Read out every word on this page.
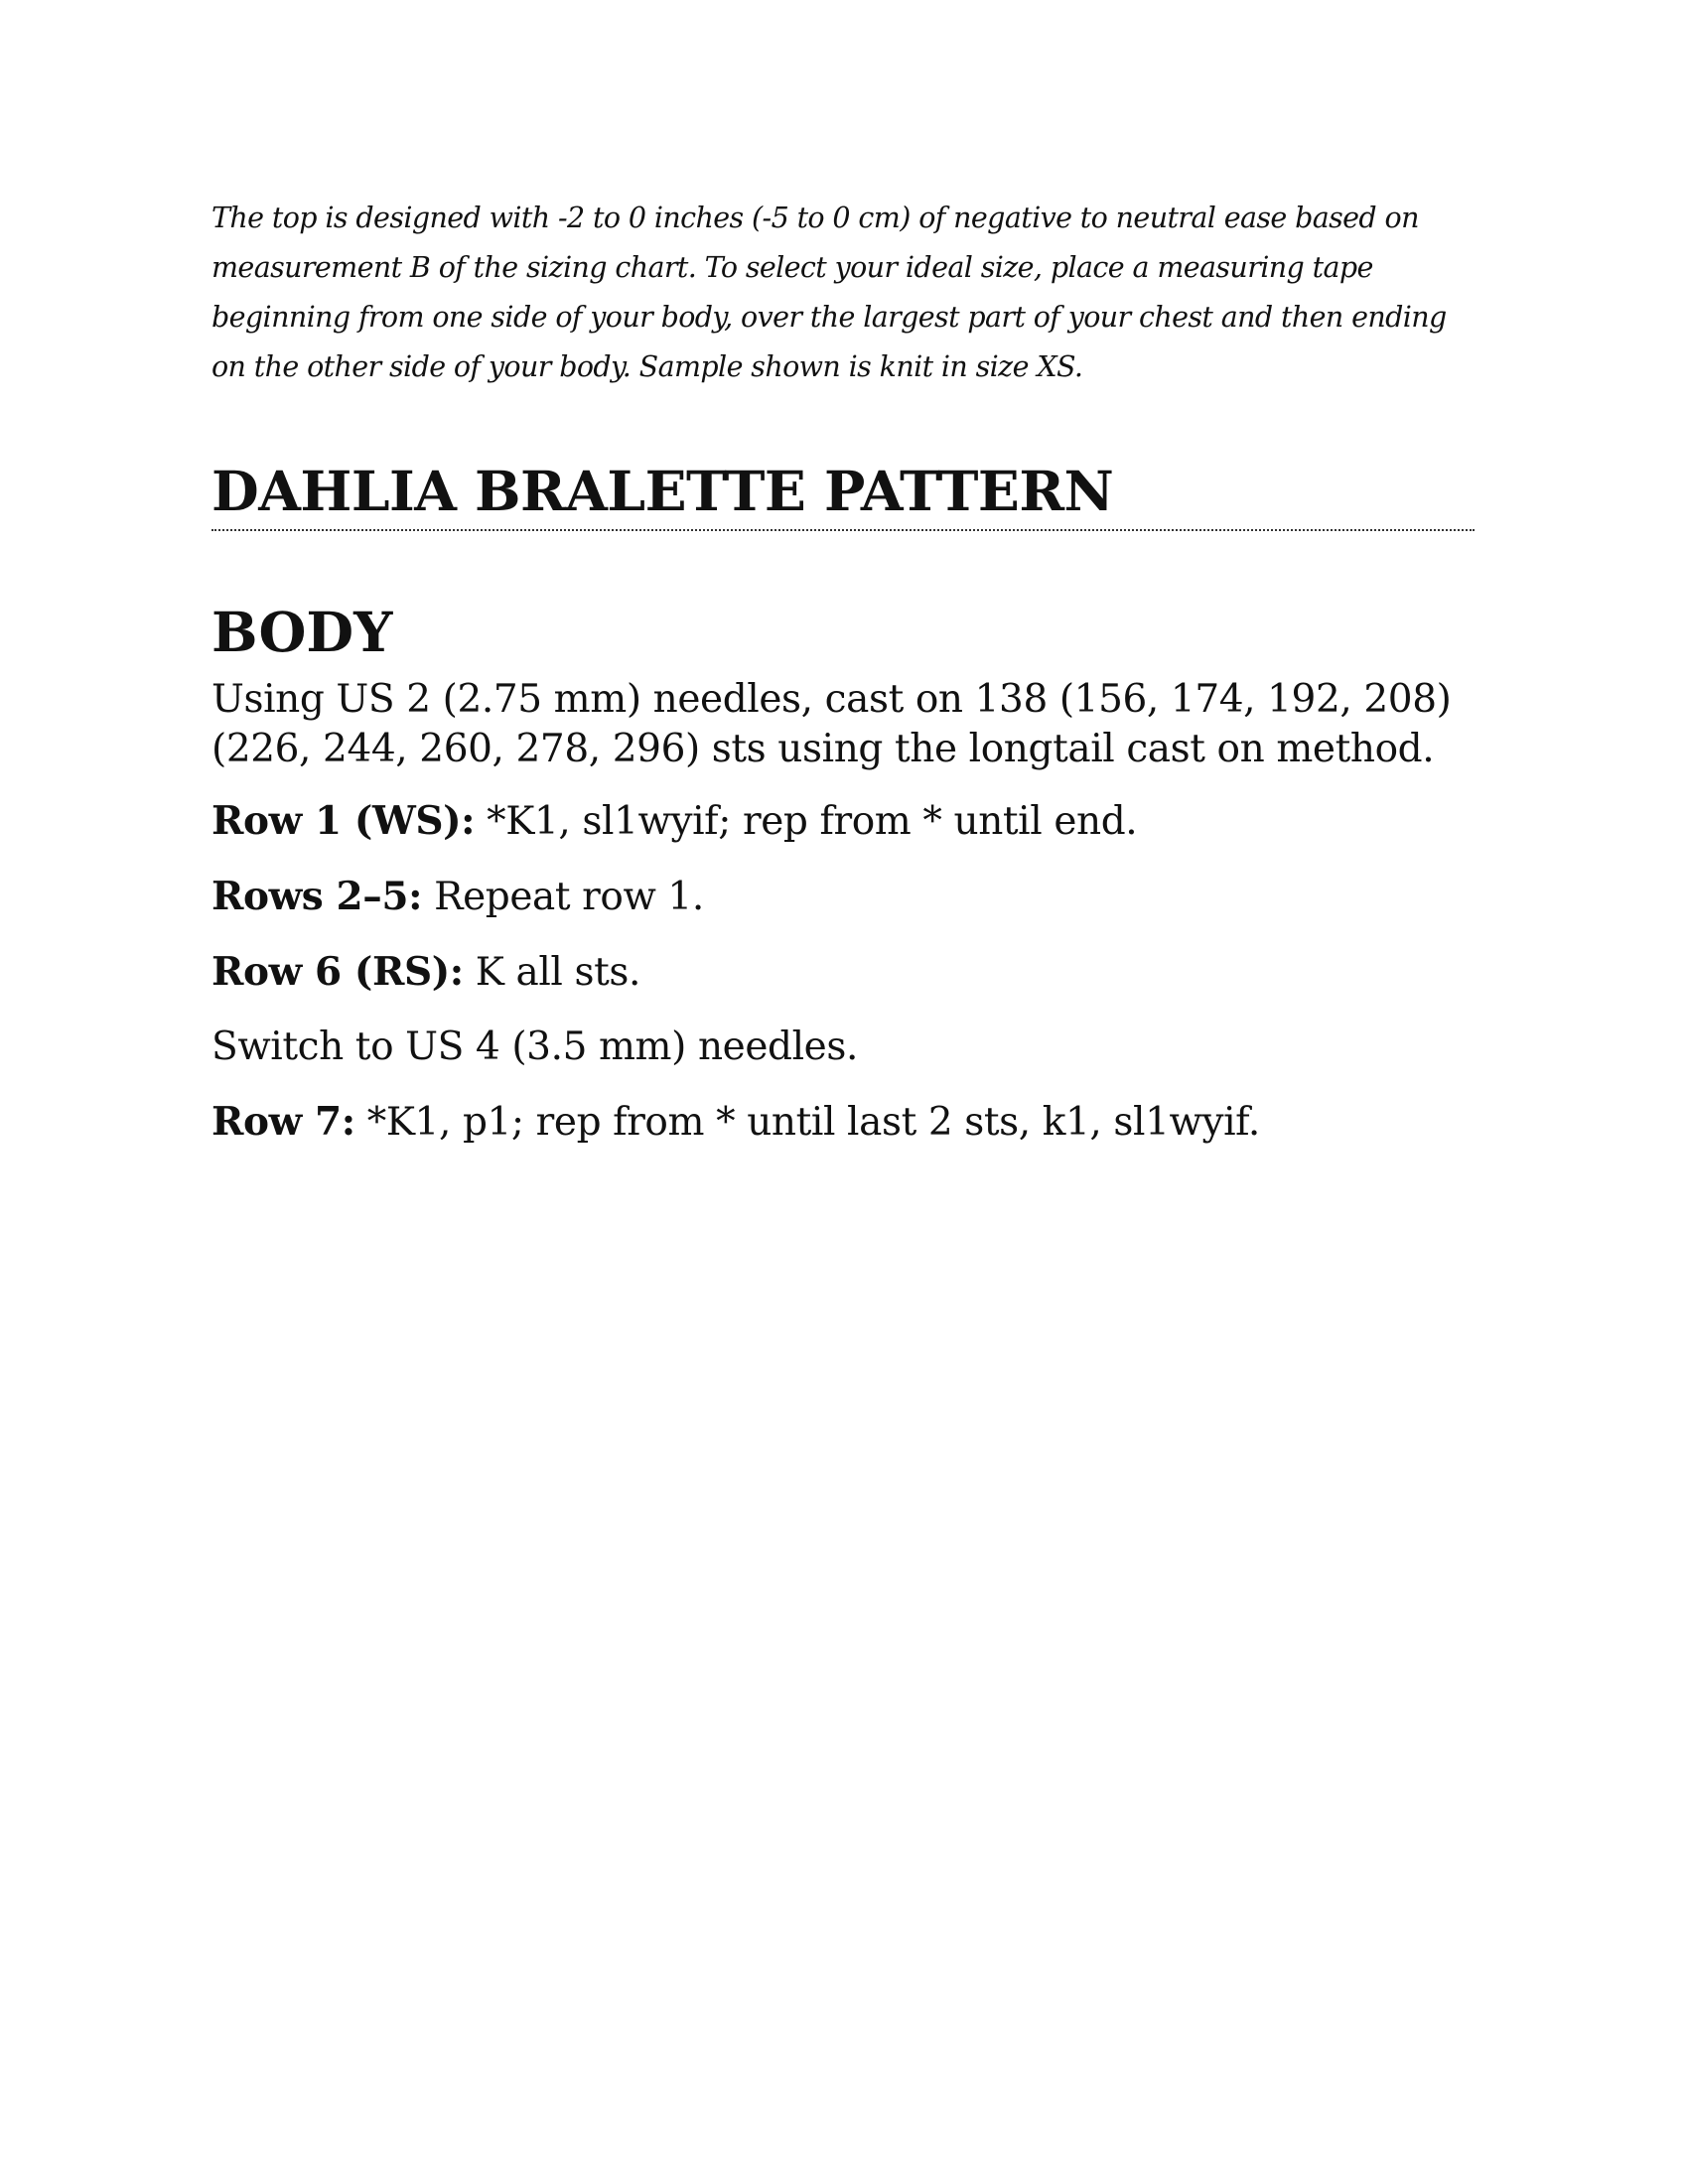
The top is designed with -2 to 0 inches (-5 to 0 cm) of negative to neutral ease based on measurement B of the sizing chart. To select your ideal size, place a measuring tape beginning from one side of your body, over the largest part of your chest and then ending on the other side of your body. Sample shown is knit in size XS.

DAHLIA BRALETTE PATTERN
BODY

Using US 2 (2.75 mm) needles, cast on 138 (156, 174, 192, 208) (226, 244, 260, 278, 296) sts using the longtail cast on method.

Row 1 (WS): *K1, sl1wyif; rep from * until end.

Rows 2–5: Repeat row 1.

Row 6 (RS): K all sts.

Switch to US 4 (3.5 mm) needles.

Row 7: *K1, p1; rep from * until last 2 sts, k1, sl1wyif.
